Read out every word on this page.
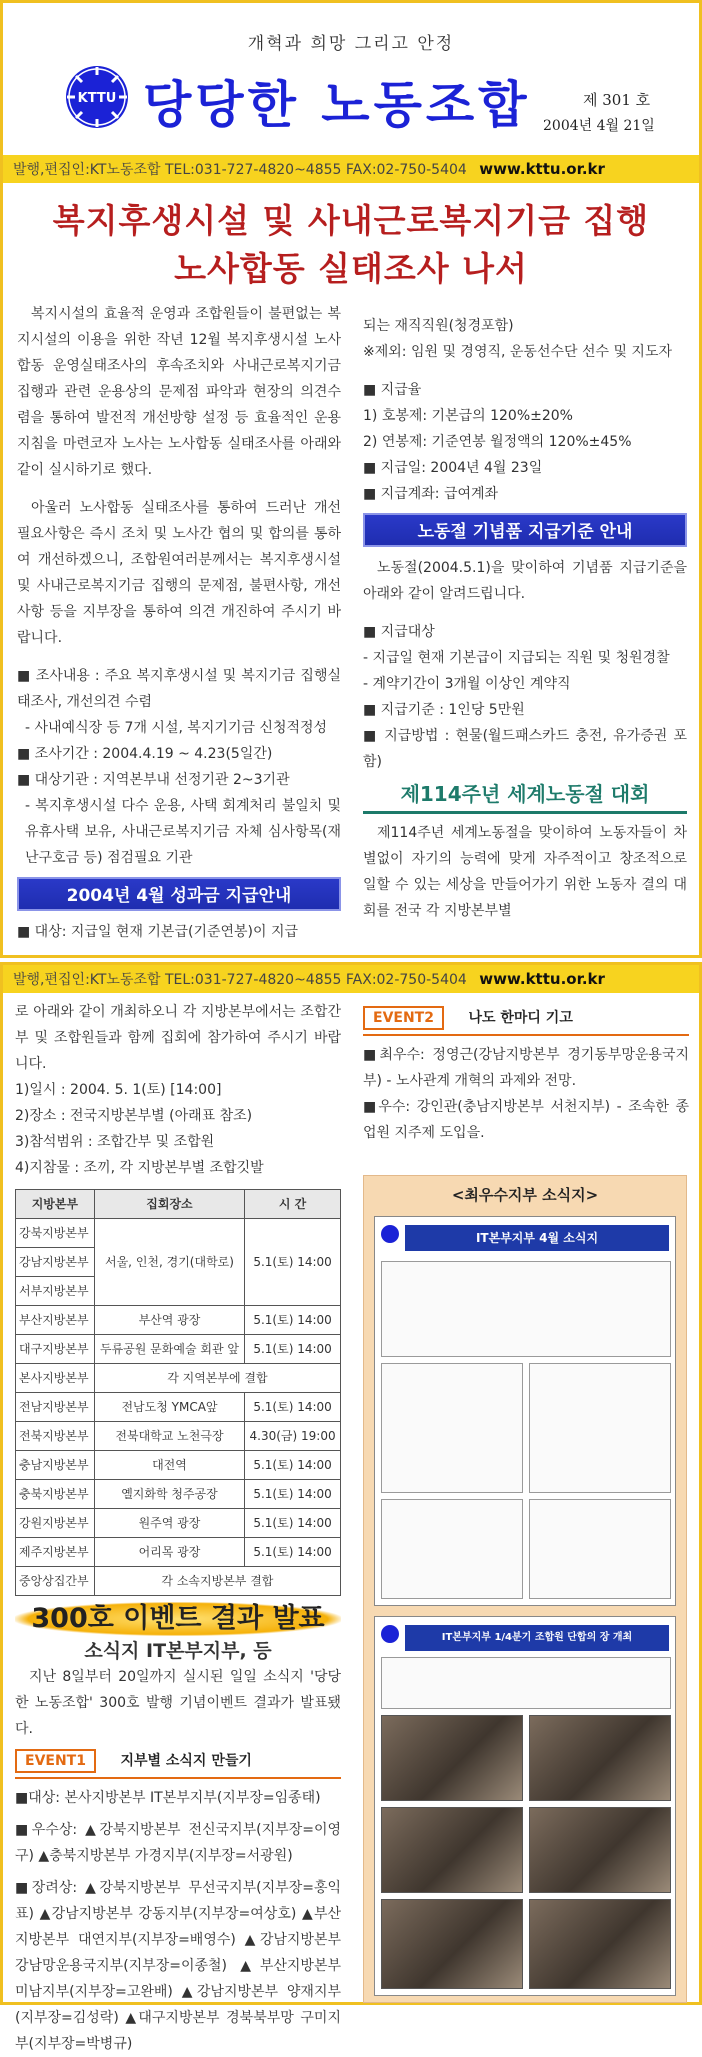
개혁과 희망 그리고 안정
KTTU 당당한 노동조합	제 301 호
2004년 4월 21일
발행,편집인:KT노동조합 TEL:031-727-4820~4855 FAX:02-750-5404 www.kttu.or.kr
복지후생시설 및 사내근로복지기금 집행
노사합동 실태조사 나서

복지시설의 효율적 운영과 조합원들이 불편없는 복지시설의 이용을 위한 작년 12월 복지후생시설 노사합동 운영실태조사의 후속조치와 사내근로복지기금 집행과 관련 운용상의 문제점 파악과 현장의 의견수렴을 통하여 발전적 개선방향 설정 등 효율적인 운용지침을 마련코자 노사는 노사합동 실태조사를 아래와 같이 실시하기로 했다.

아울러 노사합동 실태조사를 통하여 드러난 개선 필요사항은 즉시 조치 및 노사간 협의 및 합의를 통하여 개선하겠으니, 조합원여러분께서는 복지후생시설 및 사내근로복지기금 집행의 문제점, 불편사항, 개선사항 등을 지부장을 통하여 의견 개진하여 주시기 바랍니다.

■ 조사내용 : 주요 복지후생시설 및 복지기금 집행실태조사, 개선의견 수렴

- 사내예식장 등 7개 시설, 복지기기금 신청적정성

■ 조사기간 : 2004.4.19 ~ 4.23(5일간)

■ 대상기관 : 지역본부내 선정기관 2~3기관

- 복지후생시설 다수 운용, 사택 회계처리 불일치 및 유휴사택 보유, 사내근로복지기금 자체 심사항목(재난구호금 등) 점검필요 기관

2004년 4월 성과금 지급안내

■ 대상: 지급일 현재 기본급(기준연봉)이 지급

되는 재직직원(청경포함)

※제외: 임원 및 경영직, 운동선수단 선수 및 지도자

■ 지급율

1) 호봉제: 기본급의 120%±20%

2) 연봉제: 기준연봉 월정액의 120%±45%

■ 지급일: 2004년 4월 23일

■ 지급계좌: 급여계좌

노동절 기념품 지급기준 안내

노동절(2004.5.1)을 맞이하여 기념품 지급기준을 아래와 같이 알려드립니다.

■ 지급대상

- 지급일 현재 기본급이 지급되는 직원 및 청원경찰

- 계약기간이 3개월 이상인 계약직

■ 지급기준 : 1인당 5만원

■ 지급방법 : 현물(월드패스카드 충전, 유가증권 포함)

제114주년 세계노동절 대회

제114주년 세계노동절을 맞이하여 노동자들이 차별없이 자기의 능력에 맞게 자주적이고 창조적으로 일할 수 있는 세상을 만들어가기 위한 노동자 결의 대회를 전국 각 지방본부별

발행,편집인:KT노동조합 TEL:031-727-4820~4855 FAX:02-750-5404 www.kttu.or.kr

로 아래와 같이 개최하오니 각 지방본부에서는 조합간부 및 조합원들과 함께 집회에 참가하여 주시기 바랍니다.

1)일시 : 2004. 5. 1(토) [14:00]

2)장소 : 전국지방본부별 (아래표 참조)

3)참석범위 : 조합간부 및 조합원

4)지참물 : 조끼, 각 지방본부별 조합깃발

지방본부	집회장소	시 간
강북지방본부	서울, 인천, 경기(대학로)	5.1(토) 14:00
강남지방본부		
서부지방본부		
부산지방본부	부산역 광장	5.1(토) 14:00
대구지방본부	두류공원 문화예술 회관 앞	5.1(토) 14:00
본사지방본부	각 지역본부에 결합	
전남지방본부	전남도청 YMCA앞	5.1(토) 14:00
전북지방본부	전북대학교 노천극장	4.30(금) 19:00
충남지방본부	대전역	5.1(토) 14:00
충북지방본부	옐지화학 청주공장	5.1(토) 14:00
강원지방본부	원주역 광장	5.1(토) 14:00
제주지방본부	어리목 광장	5.1(토) 14:00
중앙상집간부	각 소속지방본부 결합	
300호 이벤트 결과 발표
소식지 IT본부지부, 등

지난 8일부터 20일까지 실시된 일일 소식지 '당당한 노동조합' 300호 발행 기념이벤트 결과가 발표됐다.

EVENT1 지부별 소식지 만들기

■대상: 본사지방본부 IT본부지부(지부장=임종태)

■우수상: ▲강북지방본부 전신국지부(지부장=이영구) ▲충북지방본부 가경지부(지부장=서광원)

■장려상: ▲강북지방본부 무선국지부(지부장=홍익표) ▲강남지방본부 강동지부(지부장=여상호) ▲부산지방본부 대연지부(지부장=배영수) ▲강남지방본부 강남망운용국지부(지부장=이종철) ▲부산지방본부 미남지부(지부장=고완배) ▲강남지방본부 양재지부(지부장=김성락) ▲대구지방본부 경북북부망 구미지부(지부장=박병규)

EVENT2 나도 한마디 기고

■최우수: 정영근(강남지방본부 경기동부망운용국지부) - 노사관계 개혁의 과제와 전망.

■우수: 강인관(충남지방본부 서천지부) - 조속한 종업원 지주제 도입을.

<최우수지부 소식지>
IT본부지부 4월 소식지
IT본부지부 1/4분기 조합원 단합의 장 개최
